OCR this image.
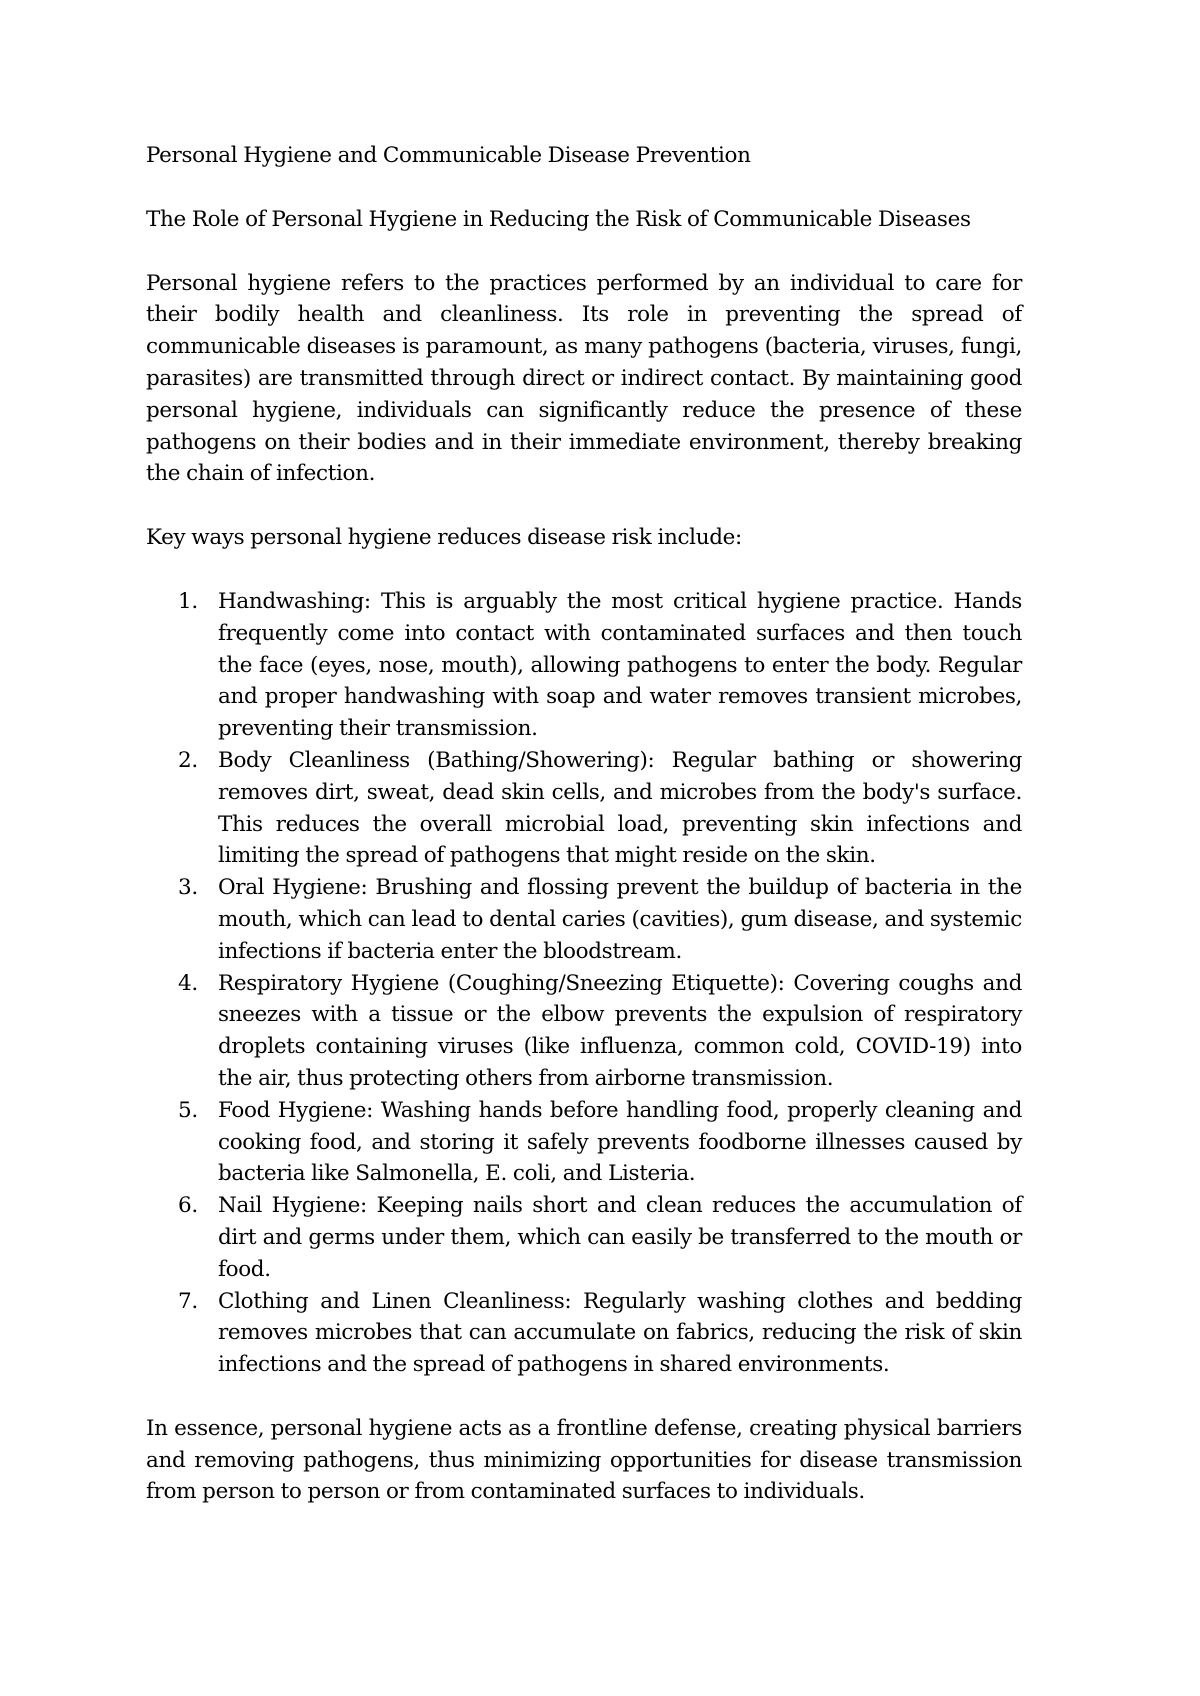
Personal Hygiene and Communicable Disease Prevention

The Role of Personal Hygiene in Reducing the Risk of Communicable Diseases

Personal hygiene refers to the practices performed by an individual to care for their bodily health and cleanliness. Its role in preventing the spread of communicable diseases is paramount, as many pathogens (bacteria, viruses, fungi, parasites) are transmitted through direct or indirect contact. By maintaining good personal hygiene, individuals can significantly reduce the presence of these pathogens on their bodies and in their immediate environment, thereby breaking the chain of infection.

Key ways personal hygiene reduces disease risk include:

1. Handwashing: This is arguably the most critical hygiene practice. Hands frequently come into contact with contaminated surfaces and then touch the face (eyes, nose, mouth), allowing pathogens to enter the body. Regular and proper handwashing with soap and water removes transient microbes, preventing their transmission.
2. Body Cleanliness (Bathing/Showering): Regular bathing or showering removes dirt, sweat, dead skin cells, and microbes from the body's surface. This reduces the overall microbial load, preventing skin infections and limiting the spread of pathogens that might reside on the skin.
3. Oral Hygiene: Brushing and flossing prevent the buildup of bacteria in the mouth, which can lead to dental caries (cavities), gum disease, and systemic infections if bacteria enter the bloodstream.
4. Respiratory Hygiene (Coughing/Sneezing Etiquette): Covering coughs and sneezes with a tissue or the elbow prevents the expulsion of respiratory droplets containing viruses (like influenza, common cold, COVID-19) into the air, thus protecting others from airborne transmission.
5. Food Hygiene: Washing hands before handling food, properly cleaning and cooking food, and storing it safely prevents foodborne illnesses caused by bacteria like Salmonella, E. coli, and Listeria.
6. Nail Hygiene: Keeping nails short and clean reduces the accumulation of dirt and germs under them, which can easily be transferred to the mouth or food.
7. Clothing and Linen Cleanliness: Regularly washing clothes and bedding removes microbes that can accumulate on fabrics, reducing the risk of skin infections and the spread of pathogens in shared environments.

In essence, personal hygiene acts as a frontline defense, creating physical barriers and removing pathogens, thus minimizing opportunities for disease transmission from person to person or from contaminated surfaces to individuals.
